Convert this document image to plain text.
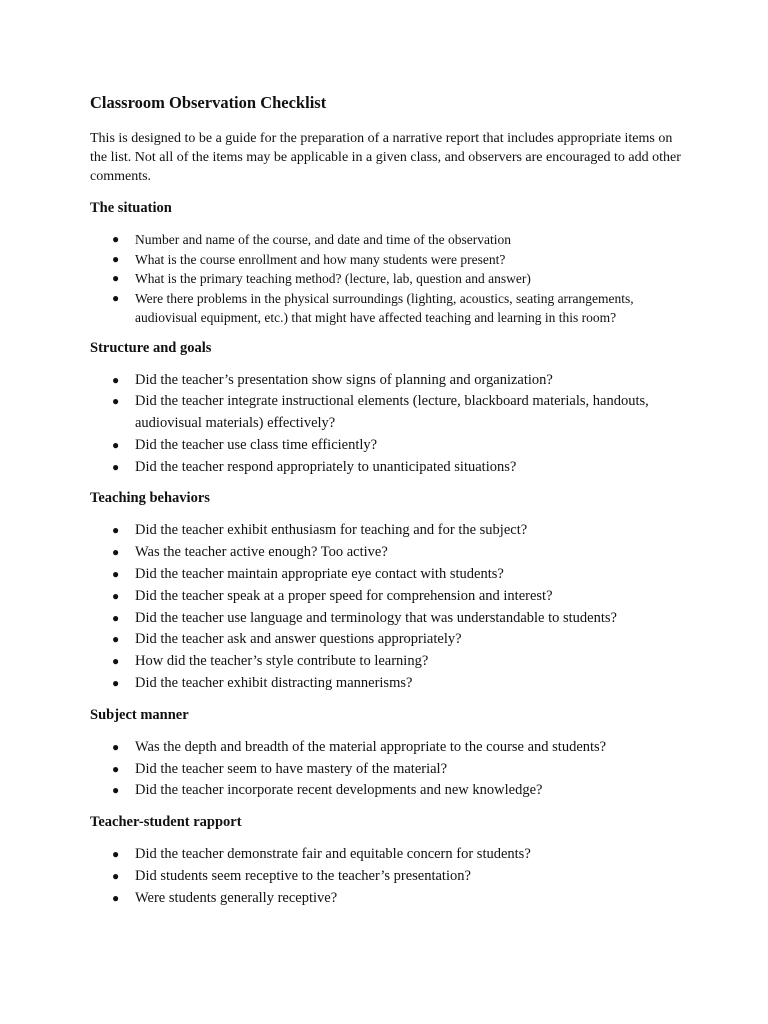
Classroom Observation Checklist

This is designed to be a guide for the preparation of a narrative report that includes appropriate items on the list. Not all of the items may be applicable in a given class, and observers are encouraged to add other comments.

The situation
● Number and name of the course, and date and time of the observation
● What is the course enrollment and how many students were present?
● What is the primary teaching method? (lecture, lab, question and answer)
● Were there problems in the physical surroundings (lighting, acoustics, seating arrangements, audiovisual equipment, etc.) that might have affected teaching and learning in this room?
Structure and goals
● Did the teacher’s presentation show signs of planning and organization?
● Did the teacher integrate instructional elements (lecture, blackboard materials, handouts, audiovisual materials) effectively?
● Did the teacher use class time efficiently?
● Did the teacher respond appropriately to unanticipated situations?
Teaching behaviors
● Did the teacher exhibit enthusiasm for teaching and for the subject?
● Was the teacher active enough? Too active?
● Did the teacher maintain appropriate eye contact with students?
● Did the teacher speak at a proper speed for comprehension and interest?
● Did the teacher use language and terminology that was understandable to students?
● Did the teacher ask and answer questions appropriately?
● How did the teacher’s style contribute to learning?
● Did the teacher exhibit distracting mannerisms?
Subject manner
● Was the depth and breadth of the material appropriate to the course and students?
● Did the teacher seem to have mastery of the material?
● Did the teacher incorporate recent developments and new knowledge?
Teacher-student rapport
● Did the teacher demonstrate fair and equitable concern for students?
● Did students seem receptive to the teacher’s presentation?
● Were students generally receptive?
